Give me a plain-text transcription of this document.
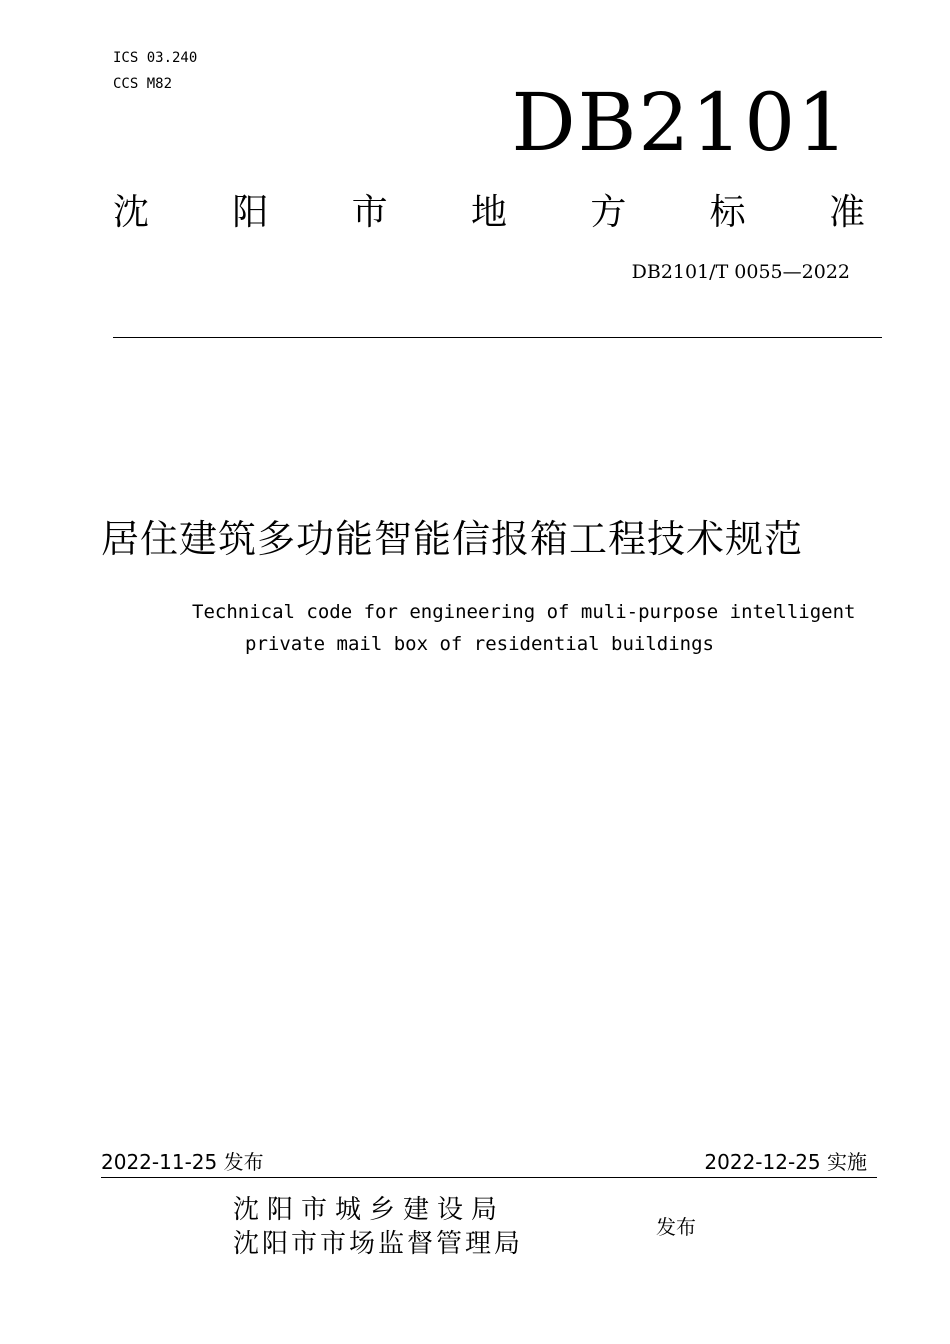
ICS 03.240
CCS M82	DB2101
沈 阳 市 地 方 标 准
DB2101/T 0055—2022
居住建筑多功能智能信报箱工程技术规范
Technical code for engineering of muli-purpose intelligent
private mail box of residential buildings
2022-11-25 发布	2022-12-25 实施
沈阳市城乡建设局
沈阳市市场监督管理局
发布
